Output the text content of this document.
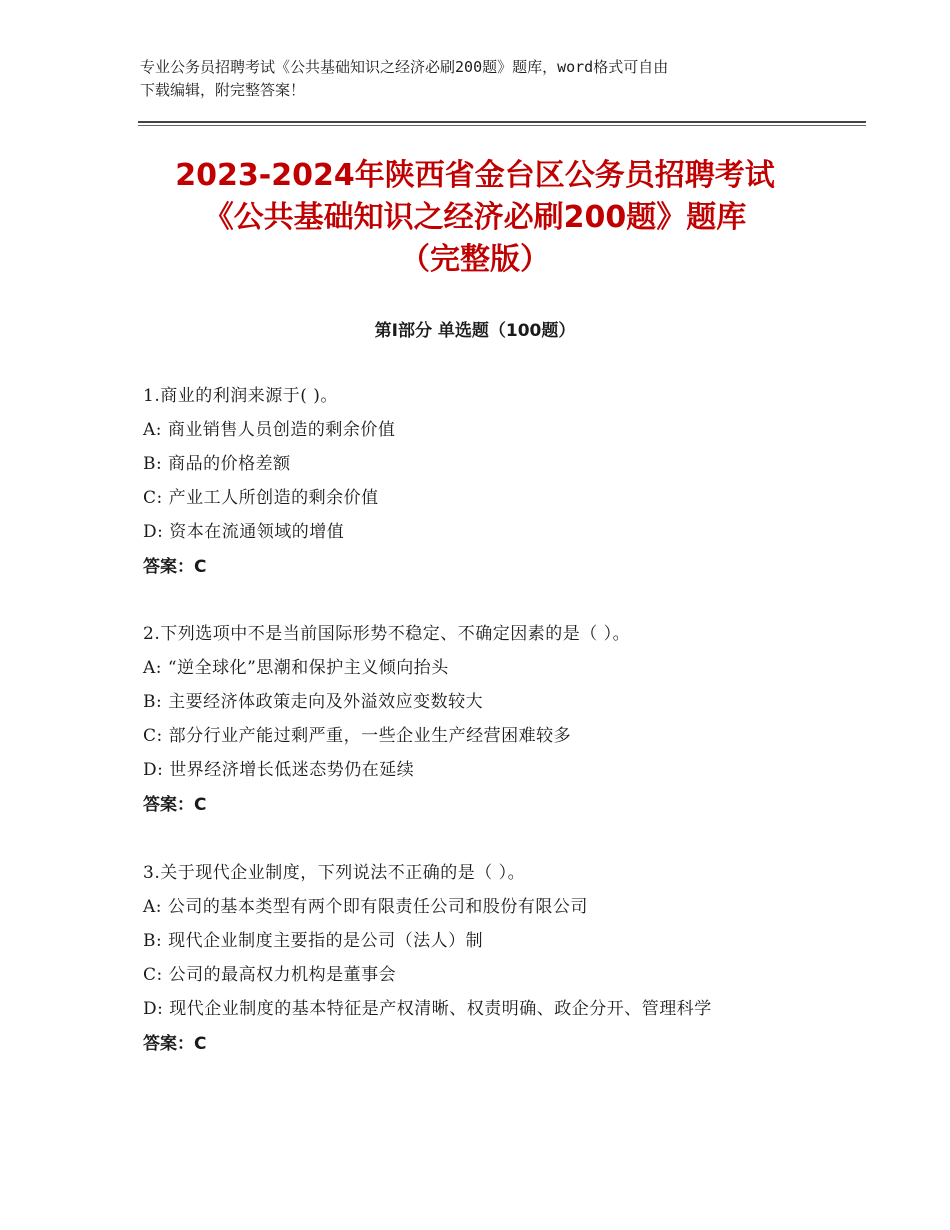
专业公务员招聘考试《公共基础知识之经济必刷200题》题库，word格式可自由
下载编辑，附完整答案！
2023-2024年陕西省金台区公务员招聘考试
《公共基础知识之经济必刷200题》题库
（完整版）
第Ⅰ部分 单选题（100题）
1.商业的利润来源于( )。
A: 商业销售人员创造的剩余价值
B: 商品的价格差额
C: 产业工人所创造的剩余价值
D: 资本在流通领域的增值
答案：C
2.下列选项中不是当前国际形势不稳定、不确定因素的是（ ）。
A: “逆全球化”思潮和保护主义倾向抬头
B: 主要经济体政策走向及外溢效应变数较大
C: 部分行业产能过剩严重，一些企业生产经营困难较多
D: 世界经济增长低迷态势仍在延续
答案：C
3.关于现代企业制度，下列说法不正确的是（ ）。
A: 公司的基本类型有两个即有限责任公司和股份有限公司
B: 现代企业制度主要指的是公司（法人）制
C: 公司的最高权力机构是董事会
D: 现代企业制度的基本特征是产权清晰、权责明确、政企分开、管理科学
答案：C
